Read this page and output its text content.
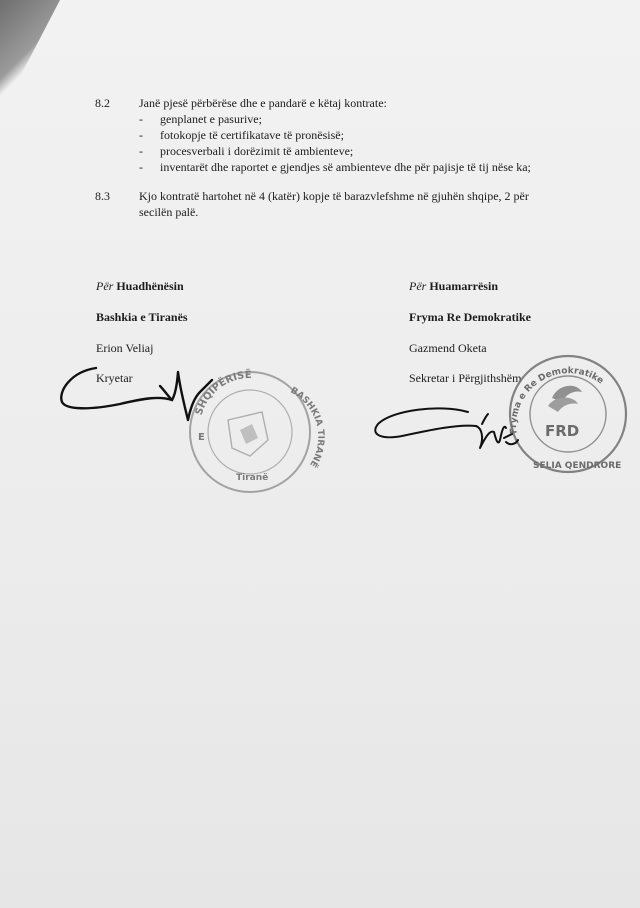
8.2	Janë pjesë përbërëse dhe e pandarë e këtaj kontrate:
- genplanet e pasurive;
- fotokopje të certifikatave të pronësisë;
- procesverbali i dorëzimit të ambienteve;
- inventarët dhe raportet e gjendjes së ambienteve dhe për pajisje të tij nëse ka;
8.3	Kjo kontratë hartohet në 4 (katër) kopje të barazvlefshme në gjuhën shqipe, 2 për
secilën palë.
Për Huadhënësin
Bashkia e Tiranës
Erion Veliaj
Kryetar
Për Huamarrësin
Fryma Re Demokratike
Gazmend Oketa
Sekretar i Përgjithshëm
SHQIPËRISË
BASHKIA TIRANË
E
Tiranë
FRD
Fryma e Re Demokratike
SELIA QENDRORE
